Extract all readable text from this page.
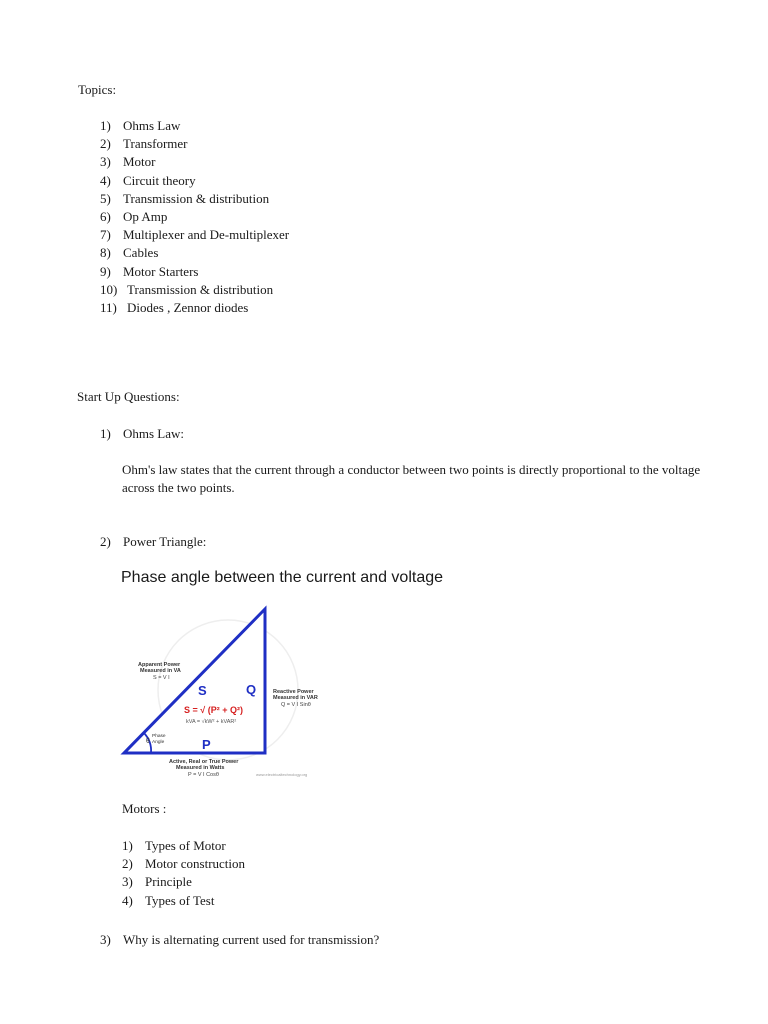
Topics:
1) Ohms Law
2) Transformer
3) Motor
4) Circuit theory
5) Transmission & distribution
6) Op Amp
7) Multiplexer and De-multiplexer
8) Cables
9) Motor Starters
10) Transmission & distribution
11) Diodes , Zennor diodes
Start Up Questions:
1) Ohms Law:
Ohm's law states that the current through a conductor between two points is directly proportional to the voltage across the two points.
2) Power Triangle:
Phase angle between the current and voltage
Apparent Power
Measured in VA
S = V I
S	Q	Reactive Power
Measured in VAR
Q = V I Sinθ
S = √ (P² + Q²)
kVA = √kW² + kVAR²
θ
Phase
Angle	P
Active, Real or True Power
Measured in Watts
P = V I Cosθ	www.electricaltechnology.org
Motors :
1) Types of Motor
2) Motor construction
3) Principle
4) Types of Test
3) Why is alternating current used for transmission?
